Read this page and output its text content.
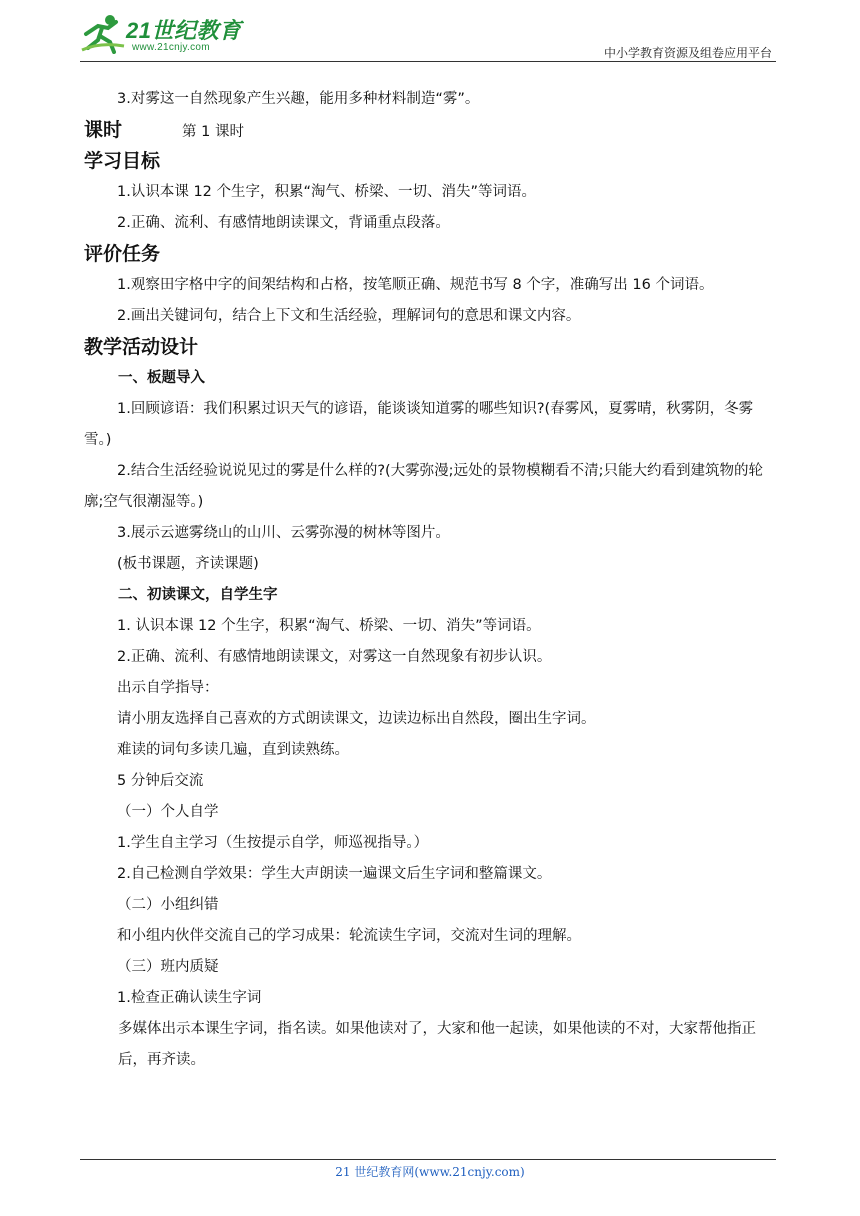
21世纪教育
www.21cnjy.com	中小学教育资源及组卷应用平台

3.对雾这一自然现象产生兴趣，能用多种材料制造“雾”。

课时	第 1 课时
学习目标

1.认识本课 12 个生字，积累“淘气、桥梁、一切、消失”等词语。

2.正确、流利、有感情地朗读课文，背诵重点段落。

评价任务

1.观察田字格中字的间架结构和占格，按笔顺正确、规范书写 8 个字，准确写出 16 个词语。

2.画出关键词句，结合上下文和生活经验，理解词句的意思和课文内容。

教学活动设计
一、板题导入

1.回顾谚语：我们积累过识天气的谚语，能谈谈知道雾的哪些知识?(春雾风，夏雾晴，秋雾阴，冬雾雪。)

2.结合生活经验说说见过的雾是什么样的?(大雾弥漫;远处的景物模糊看不清;只能大约看到建筑物的轮廓;空气很潮湿等。)

3.展示云遮雾绕山的山川、云雾弥漫的树林等图片。

(板书课题，齐读课题)

二、初读课文，自学生字

1. 认识本课 12 个生字，积累“淘气、桥梁、一切、消失”等词语。

2.正确、流利、有感情地朗读课文，对雾这一自然现象有初步认识。

出示自学指导：

请小朋友选择自己喜欢的方式朗读课文，边读边标出自然段，圈出生字词。

难读的词句多读几遍，直到读熟练。

5 分钟后交流

（一）个人自学

1.学生自主学习（生按提示自学，师巡视指导。）

2.自己检测自学效果：学生大声朗读一遍课文后生字词和整篇课文。

（二）小组纠错

和小组内伙伴交流自己的学习成果：轮流读生字词，交流对生词的理解。

（三）班内质疑

1.检查正确认读生字词

多媒体出示本课生字词，指名读。如果他读对了，大家和他一起读，如果他读的不对，大家帮他指正后，再齐读。

21 世纪教育网(www.21cnjy.com)
